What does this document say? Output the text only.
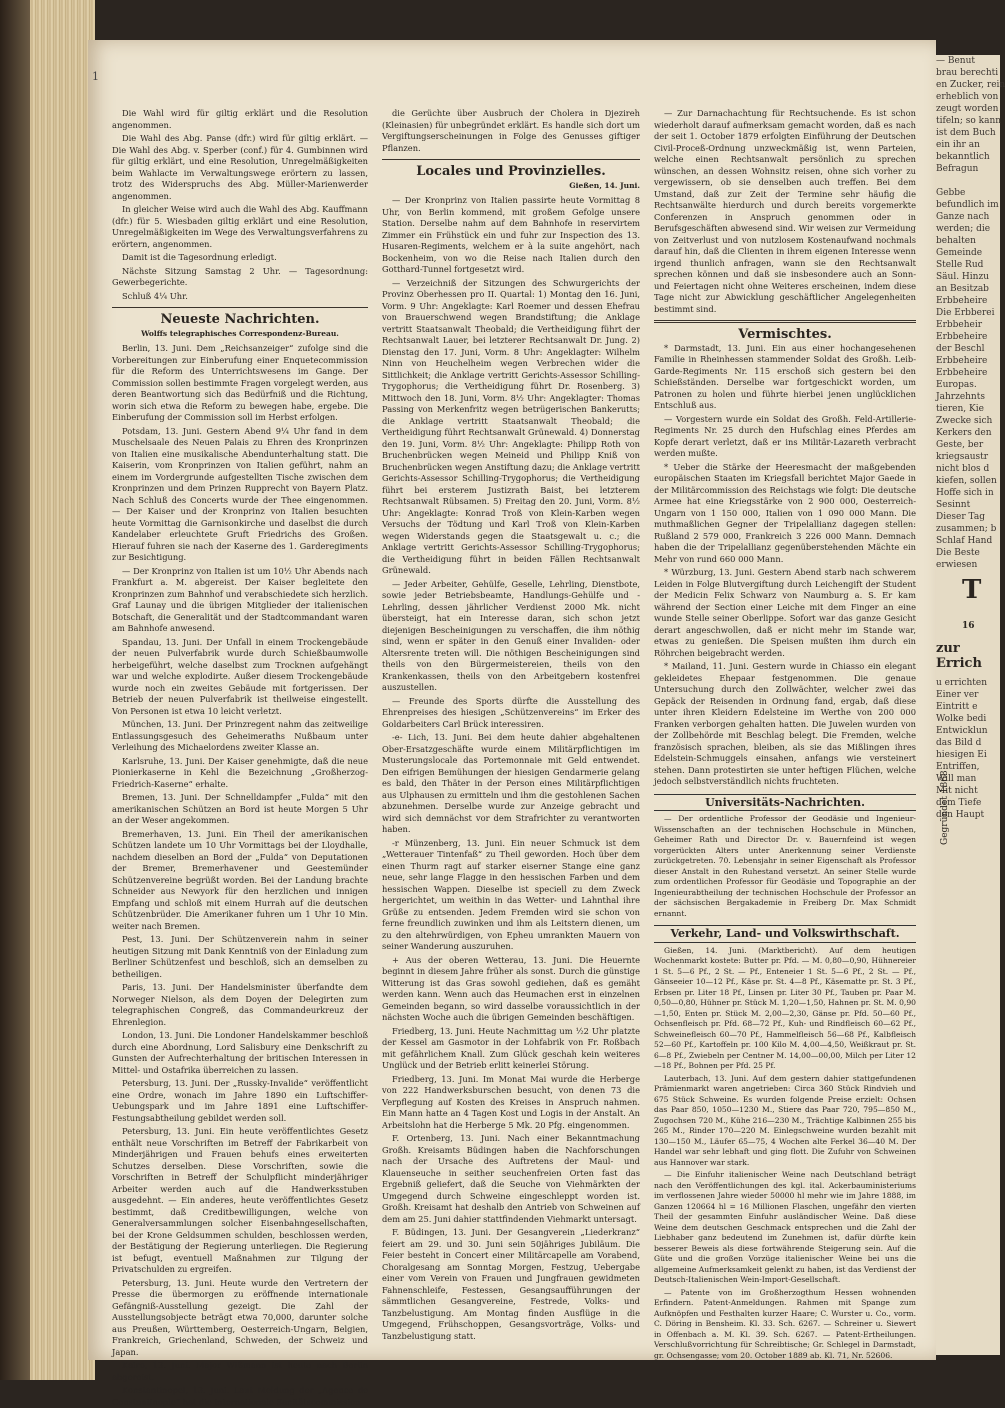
1

Die Wahl wird für giltig erklärt und die Resolution angenommen.

Die Wahl des Abg. Panse (dfr.) wird für giltig erklärt. — Die Wahl des Abg. v. Sperber (conf.) für 4. Gumbinnen wird für giltig erklärt, und eine Resolution, Unregelmäßigkeiten beim Wahlacte im Verwaltungswege erörtern zu lassen, trotz des Widerspruchs des Abg. Müller-Marienwerder angenommen.

In gleicher Weise wird auch die Wahl des Abg. Kauffmann (dfr.) für 5. Wiesbaden giltig erklärt und eine Resolution, Unregelmäßigkeiten im Wege des Verwaltungsverfahrens zu erörtern, angenommen.

Damit ist die Tagesordnung erledigt.

Nächste Sitzung Samstag 2 Uhr. — Tagesordnung: Gewerbegerichte.

Schluß 4¼ Uhr.

Neueste Nachrichten.
Wolffs telegraphisches Correspondenz-Bureau.

Berlin, 13. Juni. Dem „Reichsanzeiger“ zufolge sind die Vorbereitungen zur Einberufung einer Enquetecommission für die Reform des Unterrichtswesens im Gange. Der Commission sollen bestimmte Fragen vorgelegt werden, aus deren Beantwortung sich das Bedürfniß und die Richtung, worin sich etwa die Reform zu bewegen habe, ergebe. Die Einberufung der Commission soll im Herbst erfolgen.

Potsdam, 13. Juni. Gestern Abend 9¼ Uhr fand in dem Muschelsaale des Neuen Palais zu Ehren des Kronprinzen von Italien eine musikalische Abendunterhaltung statt. Die Kaiserin, vom Kronprinzen von Italien geführt, nahm an einem im Vordergrunde aufgestellten Tische zwischen dem Kronprinzen und dem Prinzen Rupprecht von Bayern Platz. Nach Schluß des Concerts wurde der Thee eingenommen. — Der Kaiser und der Kronprinz von Italien besuchten heute Vormittag die Garnisonkirche und daselbst die durch Kandelaber erleuchtete Gruft Friedrichs des Großen. Hierauf fuhren sie nach der Kaserne des 1. Garderegiments zur Besichtigung.

— Der Kronprinz von Italien ist um 10½ Uhr Abends nach Frankfurt a. M. abgereist. Der Kaiser begleitete den Kronprinzen zum Bahnhof und verabschiedete sich herzlich. Graf Launay und die übrigen Mitglieder der italienischen Botschaft, die Generalität und der Stadtcommandant waren am Bahnhofe anwesend.

Spandau, 13. Juni. Der Unfall in einem Trockengebäude der neuen Pulverfabrik wurde durch Schießbaumwolle herbeigeführt, welche daselbst zum Trocknen aufgehängt war und welche explodirte. Außer diesem Trockengebäude wurde noch ein zweites Gebäude mit fortgerissen. Der Betrieb der neuen Pulverfabrik ist theilweise eingestellt. Von Personen ist etwa 10 leicht verletzt.

München, 13. Juni. Der Prinzregent nahm das zeitweilige Entlassungsgesuch des Geheimeraths Nußbaum unter Verleihung des Michaelordens zweiter Klasse an.

Karlsruhe, 13. Juni. Der Kaiser genehmigte, daß die neue Pionierkaserne in Kehl die Bezeichnung „Großherzog-Friedrich-Kaserne“ erhalte.

Bremen, 13. Juni. Der Schnelldampfer „Fulda“ mit den amerikanischen Schützen an Bord ist heute Morgen 5 Uhr an der Weser angekommen.

Bremerhaven, 13. Juni. Ein Theil der amerikanischen Schützen landete um 10 Uhr Vormittags bei der Lloydhalle, nachdem dieselben an Bord der „Fulda“ von Deputationen der Bremer, Bremerhavener und Geestemünder Schützenvereine begrüßt worden. Bei der Landung brachte Schneider aus Newyork für den herzlichen und innigen Empfang und schloß mit einem Hurrah auf die deutschen Schützenbrüder. Die Amerikaner fuhren um 1 Uhr 10 Min. weiter nach Bremen.

Pest, 13. Juni. Der Schützenverein nahm in seiner heutigen Sitzung mit Dank Kenntniß von der Einladung zum Berliner Schützenfest und beschloß, sich an demselben zu betheiligen.

Paris, 13. Juni. Der Handelsminister überfandte dem Norweger Nielson, als dem Doyen der Delegirten zum telegraphischen Congreß, das Commandeurkreuz der Ehrenlegion.

London, 13. Juni. Die Londoner Handelskammer beschloß durch eine Abordnung, Lord Salisbury eine Denkschrift zu Gunsten der Aufrechterhaltung der britischen Interessen in Mittel- und Ostafrika überreichen zu lassen.

Petersburg, 13. Juni. Der „Russky-Invalide“ veröffentlicht eine Ordre, wonach im Jahre 1890 ein Luftschiffer-Uebungspark und im Jahre 1891 eine Luftschiffer-Festungsabtheilung gebildet werden soll.

Petersburg, 13. Juni. Ein heute veröffentlichtes Gesetz enthält neue Vorschriften im Betreff der Fabrikarbeit von Minderjährigen und Frauen behufs eines erweiterten Schutzes derselben. Diese Vorschriften, sowie die Vorschriften in Betreff der Schulpflicht minderjähriger Arbeiter werden auch auf die Handwerksstuben ausgedehnt. — Ein anderes, heute veröffentlichtes Gesetz bestimmt, daß Creditbewilligungen, welche von Generalversammlungen solcher Eisenbahngesellschaften, bei der Krone Geldsummen schulden, beschlossen werden, der Bestätigung der Regierung unterliegen. Die Regierung ist befugt, eventuell Maßnahmen zur Tilgung der Privatschulden zu ergreifen.

Petersburg, 13. Juni. Heute wurde den Vertretern der Presse die übermorgen zu eröffnende internationale Gefängniß-Ausstellung gezeigt. Die Zahl der Ausstellungsobjecte beträgt etwa 70,000, darunter solche aus Preußen, Württemberg, Oesterreich-Ungarn, Belgien, Frankreich, Griechenland, Schweden, der Schweiz und Japan.

Kairo, 13. Juni. Major Wißmann ist heute nach Berlin abgereist.

Konstantinopel, 13. Juni. Laut Meldung der „Agence de Constantinople“ hat die internationale Sanitätscommission

die Gerüchte über Ausbruch der Cholera in Djezireh (Kleinasien) für unbegründet erklärt. Es handle sich dort um Vergiftungserscheinungen in Folge des Genusses giftiger Pflanzen.

Locales und Provinzielles.
Gießen, 14. Juni.

— Der Kronprinz von Italien passirte heute Vormittag 8 Uhr, von Berlin kommend, mit großem Gefolge unsere Station. Derselbe nahm auf dem Bahnhofe in reservirtem Zimmer ein Frühstück ein und fuhr zur Inspection des 13. Husaren-Regiments, welchem er à la suite angehört, nach Bockenheim, von wo die Reise nach Italien durch den Gotthard-Tunnel fortgesetzt wird.

— Verzeichniß der Sitzungen des Schwurgerichts der Provinz Oberhessen pro II. Quartal: 1) Montag den 16. Juni, Vorm. 9 Uhr: Angeklagte: Karl Roemer und dessen Ehefrau von Brauerschwend wegen Brandstiftung; die Anklage vertritt Staatsanwalt Theobald; die Vertheidigung führt der Rechtsanwalt Lauer, bei letzterer Rechtsanwalt Dr. Jung. 2) Dienstag den 17. Juni, Vorm. 8 Uhr: Angeklagter: Wilhelm Ninn von Heuchelheim wegen Verbrechen wider die Sittlichkeit; die Anklage vertritt Gerichts-Assessor Schilling-Trygophorus; die Vertheidigung führt Dr. Rosenberg. 3) Mittwoch den 18. Juni, Vorm. 8½ Uhr: Angeklagter: Thomas Passing von Merkenfritz wegen betrügerischen Bankerutts; die Anklage vertritt Staatsanwalt Theobald; die Vertheidigung führt Rechtsanwalt Grünewald. 4) Donnerstag den 19. Juni, Vorm. 8½ Uhr: Angeklagte: Philipp Roth von Bruchenbrücken wegen Meineid und Philipp Kniß von Bruchenbrücken wegen Anstiftung dazu; die Anklage vertritt Gerichts-Assessor Schilling-Trygophorus; die Vertheidigung führt bei ersterem Justizrath Baist, bei letzterem Rechtsanwalt Rübsamen. 5) Freitag den 20. Juni, Vorm. 8½ Uhr: Angeklagte: Konrad Troß von Klein-Karben wegen Versuchs der Tödtung und Karl Troß von Klein-Karben wegen Widerstands gegen die Staatsgewalt u. c.; die Anklage vertritt Gerichts-Assessor Schilling-Trygophorus; die Vertheidigung führt in beiden Fällen Rechtsanwalt Grünewald.

— Jeder Arbeiter, Gehülfe, Geselle, Lehrling, Dienstbote, sowie jeder Betriebsbeamte, Handlungs-Gehülfe und -Lehrling, dessen jährlicher Verdienst 2000 Mk. nicht übersteigt, hat ein Interesse daran, sich schon jetzt diejenigen Bescheinigungen zu verschaffen, die ihm nöthig sind, wenn er später in den Genuß einer Invaliden- oder Altersrente treten will. Die nöthigen Bescheinigungen sind theils von den Bürgermeistereien, theils von den Krankenkassen, theils von den Arbeitgebern kostenfrei auszustellen.

— Freunde des Sports dürfte die Ausstellung des Ehrenpreises des hiesigen „Schützenvereins“ im Erker des Goldarbeiters Carl Brück interessiren.

-e- Lich, 13. Juni. Bei dem heute dahier abgehaltenen Ober-Ersatzgeschäfte wurde einem Militärpflichtigen im Musterungslocale das Portemonnaie mit Geld entwendet. Den eifrigen Bemühungen der hiesigen Gendarmerie gelang es bald, den Thäter in der Person eines Militärpflichtigen aus Ulphausen zu ermitteln und ihm die gestohlenen Sachen abzunehmen. Derselbe wurde zur Anzeige gebracht und wird sich demnächst vor dem Strafrichter zu verantworten haben.

-r Münzenberg, 13. Juni. Ein neuer Schmuck ist dem „Wetterauer Tintenfaß“ zu Theil geworden. Hoch über dem einen Thurm ragt auf starker eiserner Stange eine ganz neue, sehr lange Flagge in den hessischen Farben und dem hessischen Wappen. Dieselbe ist speciell zu dem Zweck hergerichtet, um weithin in das Wetter- und Lahnthal ihre Grüße zu entsenden. Jedem Fremden wird sie schon von ferne freundlich zuwinken und ihm als Leitstern dienen, um zu den altehrwürdigen, von Epheu umrankten Mauern von seiner Wanderung auszuruhen.

+ Aus der oberen Wetterau, 13. Juni. Die Heuernte beginnt in diesem Jahre früher als sonst. Durch die günstige Witterung ist das Gras sowohl gediehen, daß es gemäht werden kann. Wenn auch das Heumachen erst in einzelnen Gemeinden begann, so wird dasselbe voraussichtlich in der nächsten Woche auch die übrigen Gemeinden beschäftigen.

Friedberg, 13. Juni. Heute Nachmittag um ½2 Uhr platzte der Kessel am Gasmotor in der Lohfabrik von Fr. Roßbach mit gefährlichem Knall. Zum Glück geschah kein weiteres Unglück und der Betrieb erlitt keinerlei Störung.

Friedberg, 13. Juni. Im Monat Mai wurde die Herberge von 222 Handwerksburschen besucht, von denen 73 die Verpflegung auf Kosten des Kreises in Anspruch nahmen. Ein Mann hatte an 4 Tagen Kost und Logis in der Anstalt. An Arbeitslohn hat die Herberge 5 Mk. 20 Pfg. eingenommen.

F. Ortenberg, 13. Juni. Nach einer Bekanntmachung Großh. Kreisamts Büdingen haben die Nachforschungen nach der Ursache des Auftretens der Maul- und Klauenseuche in seither seuchenfreien Orten fast das Ergebniß geliefert, daß die Seuche von Viehmärkten der Umgegend durch Schweine eingeschleppt worden ist. Großh. Kreisamt hat deshalb den Antrieb von Schweinen auf dem am 25. Juni dahier stattfindenden Viehmarkt untersagt.

F. Büdingen, 13. Juni. Der Gesangverein „Liederkranz“ feiert am 29. und 30. Juni sein 50jähriges Jubiläum. Die Feier besteht in Concert einer Militärcapelle am Vorabend, Choralgesang am Sonntag Morgen, Festzug, Uebergabe einer vom Verein von Frauen und Jungfrauen gewidmeten Fahnenschleife, Festessen, Gesangsaufführungen der sämmtlichen Gesangvereine, Festrede, Volks- und Tanzbelustigung. Am Montag finden Ausflüge in die Umgegend, Frühschoppen, Gesangsvorträge, Volks- und Tanzbelustigung statt.

— Zur Darnachachtung für Rechtsuchende. Es ist schon wiederholt darauf aufmerksam gemacht worden, daß es nach der seit 1. October 1879 erfolgten Einführung der Deutschen Civil-Proceß-Ordnung unzweckmäßig ist, wenn Parteien, welche einen Rechtsanwalt persönlich zu sprechen wünschen, an dessen Wohnsitz reisen, ohne sich vorher zu vergewissern, ob sie denselben auch treffen. Bei dem Umstand, daß zur Zeit der Termine sehr häufig die Rechtsanwälte hierdurch und durch bereits vorgemerkte Conferenzen in Anspruch genommen oder in Berufsgeschäften abwesend sind. Wir weisen zur Vermeidung von Zeitverlust und von nutzlosem Kostenaufwand nochmals darauf hin, daß die Clienten in ihrem eigenen Interesse wenn irgend thunlich anfragen, wann sie den Rechtsanwalt sprechen können und daß sie insbesondere auch an Sonn- und Feiertagen nicht ohne Weiteres erscheinen, indem diese Tage nicht zur Abwicklung geschäftlicher Angelegenheiten bestimmt sind.

Vermischtes.

* Darmstadt, 13. Juni. Ein aus einer hochangesehenen Familie in Rheinhessen stammender Soldat des Großh. Leib-Garde-Regiments Nr. 115 erschoß sich gestern bei den Schießständen. Derselbe war fortgeschickt worden, um Patronen zu holen und führte hierbei jenen unglücklichen Entschluß aus.

— Vorgestern wurde ein Soldat des Großh. Feld-Artillerie-Regiments Nr. 25 durch den Hufschlag eines Pferdes am Kopfe derart verletzt, daß er ins Militär-Lazareth verbracht werden mußte.

* Ueber die Stärke der Heeresmacht der maßgebenden europäischen Staaten im Kriegsfall berichtet Major Gaede in der Militärcommission des Reichstags wie folgt: Die deutsche Armee hat eine Kriegsstärke von 2 900 000, Oesterreich-Ungarn von 1 150 000, Italien von 1 090 000 Mann. Die muthmaßlichen Gegner der Tripelallianz dagegen stellen: Rußland 2 579 000, Frankreich 3 226 000 Mann. Demnach haben die der Tripelallianz gegenüberstehenden Mächte ein Mehr von rund 660 000 Mann.

* Würzburg, 13. Juni. Gestern Abend starb nach schwerem Leiden in Folge Blutvergiftung durch Leichengift der Student der Medicin Felix Schwarz von Naumburg a. S. Er kam während der Section einer Leiche mit dem Finger an eine wunde Stelle seiner Oberlippe. Sofort war das ganze Gesicht derart angeschwollen, daß er nicht mehr im Stande war, etwas zu genießen. Die Speisen mußten ihm durch ein Röhrchen beigebracht werden.

* Mailand, 11. Juni. Gestern wurde in Chiasso ein elegant gekleidetes Ehepaar festgenommen. Die genaue Untersuchung durch den Zollwächter, welcher zwei das Gepäck der Reisenden in Ordnung fand, ergab, daß diese unter ihren Kleidern Edelsteine im Werthe von 200 000 Franken verborgen gehalten hatten. Die Juwelen wurden von der Zollbehörde mit Beschlag belegt. Die Fremden, welche französisch sprachen, bleiben, als sie das Mißlingen ihres Edelstein-Schmuggels einsahen, anfangs wie versteinert stehen. Dann protestirten sie unter heftigen Flüchen, welche jedoch selbstverständlich nichts fruchteten.

Universitäts-Nachrichten.

— Der ordentliche Professor der Geodäsie und Ingenieur-Wissenschaften an der technischen Hochschule in München, Geheimer Rath und Director Dr. v. Bauernfeind ist wegen vorgerückten Alters unter Anerkennung seiner Verdienste zurückgetreten. 70. Lebensjahr in seiner Eigenschaft als Professor dieser Anstalt in den Ruhestand versetzt. An seiner Stelle wurde zum ordentlichen Professor für Geodäsie und Topographie an der Ingenieurabtheilung der technischen Hochschule der Professor an der sächsischen Bergakademie in Freiberg Dr. Max Schmidt ernannt.

Verkehr, Land- und Volkswirthschaft.

Gießen, 14. Juni. (Marktbericht). Auf dem heutigen Wochenmarkt kostete: Butter pr. Pfd. — M. 0,80—0,90, Hühnereier 1 St. 5—6 Pf., 2 St. — Pf., Enteneier 1 St. 5—6 Pf., 2 St. — Pf., Gänseeier 10—12 Pf., Käse pr. St. 4—8 Pf., Käsematte pr. St. 3 Pf., Erbsen pr. Liter 18 Pf., Linsen pr. Liter 30 Pf., Tauben pr. Paar M. 0,50—0,80, Hühner pr. Stück M. 1,20—1,50, Hahnen pr. St. M. 0,90—1,50, Enten pr. Stück M. 2,00—2,30, Gänse pr. Pfd. 50—60 Pf., Ochsenfleisch pr. Pfd. 68—72 Pf., Kuh- und Rindfleisch 60—62 Pf., Schweinefleisch 60—70 Pf., Hammelfleisch 56—68 Pf., Kalbfleisch 52—60 Pf., Kartoffeln pr. 100 Kilo M. 4,00—4,50, Weißkraut pr. St. 6—8 Pf., Zwiebeln per Centner M. 14,00—00,00, Milch per Liter 12—18 Pf., Bohnen per Pfd. 25 Pf.

Lauterbach, 13. Juni. Auf dem gestern dahier stattgefundenen Prämienmarkt waren angetrieben: Circa 360 Stück Rindvieh und 675 Stück Schweine. Es wurden folgende Preise erzielt: Ochsen das Paar 850, 1050—1230 M., Stiere das Paar 720, 795—850 M., Zugochsen 720 M., Kühe 216—230 M., Trächtige Kalbinnen 255 bis 265 M., Rinder 170—220 M. Einlegschweine wurden bezahlt mit 130—150 M., Läufer 65—75, 4 Wochen alte Ferkel 36—40 M. Der Handel war sehr lebhaft und ging flott. Die Zufuhr von Schweinen aus Hannover war stark.

— Die Einfuhr italienischer Weine nach Deutschland beträgt nach den Veröffentlichungen des kgl. ital. Ackerbauministeriums im verflossenen Jahre wieder 50000 hl mehr wie im Jahre 1888, im Ganzen 120664 hl = 16 Millionen Flaschen, ungefähr den vierten Theil der gesammten Einfuhr ausländischer Weine. Daß diese Weine dem deutschen Geschmack entsprechen und die Zahl der Liebhaber ganz bedeutend im Zunehmen ist, dafür dürfte kein besserer Beweis als diese fortwährende Steigerung sein. Auf die Güte und die großen Vorzüge italienischer Weine bei uns die allgemeine Aufmerksamkeit gelenkt zu haben, ist das Verdienst der Deutsch-Italienischen Wein-Import-Gesellschaft.

— Patente von im Großherzogthum Hessen wohnenden Erfindern. Patent-Anmeldungen. Rahmen mit Spange zum Aufknöpfen und Festhalten kurzer Haare; C. Wurster u. Co., vorm. C. Döring in Bensheim. Kl. 33. Sch. 6267. — Schreiner u. Siewert in Offenbach a. M. Kl. 39. Sch. 6267. — Patent-Ertheilungen. Verschlußvorrichtung für Schreibtische; Gr. Schlegel in Darmstadt, gr. Ochsengasse; vom 20. October 1889 ab. Kl. 71, Nr. 52606.

— Benut
brau berechti
en Zucker, rein
erheblich von
zeugt worden
tifeln; so kann
ist dem Buch
ein ihr an
bekanntlich
Befragun

Gebbe
befundlich im
Ganze nach
werden; die
behalten
Gemeinde
Stelle Rud
Säul. Hinzu
an Besitzab
Erbbeheire
Die Erbberei
Erbbeheir
Erbbeheire
der Beschl
Erbbeheire
Erbbeheire
Europas.
Jahrzehnts
tieren, Kie
Zwecke sich
Kerkers den
Geste, ber
kriegsaustr
nicht blos d
kiefen, sollen
Hoffe sich in
Sesinnt
Dieser Tag
zusammen; b
Schlaf Hand
Die Beste
erwiesen
T 16
zur Errich
u errichten
Einer ver
Eintritt e
Wolke bedi
Entwicklun
das Bild d
hiesigen Ei
Entriffen,
Will man
Mit nicht
dem Tiefe
den Haupt
Gegründet 1868
